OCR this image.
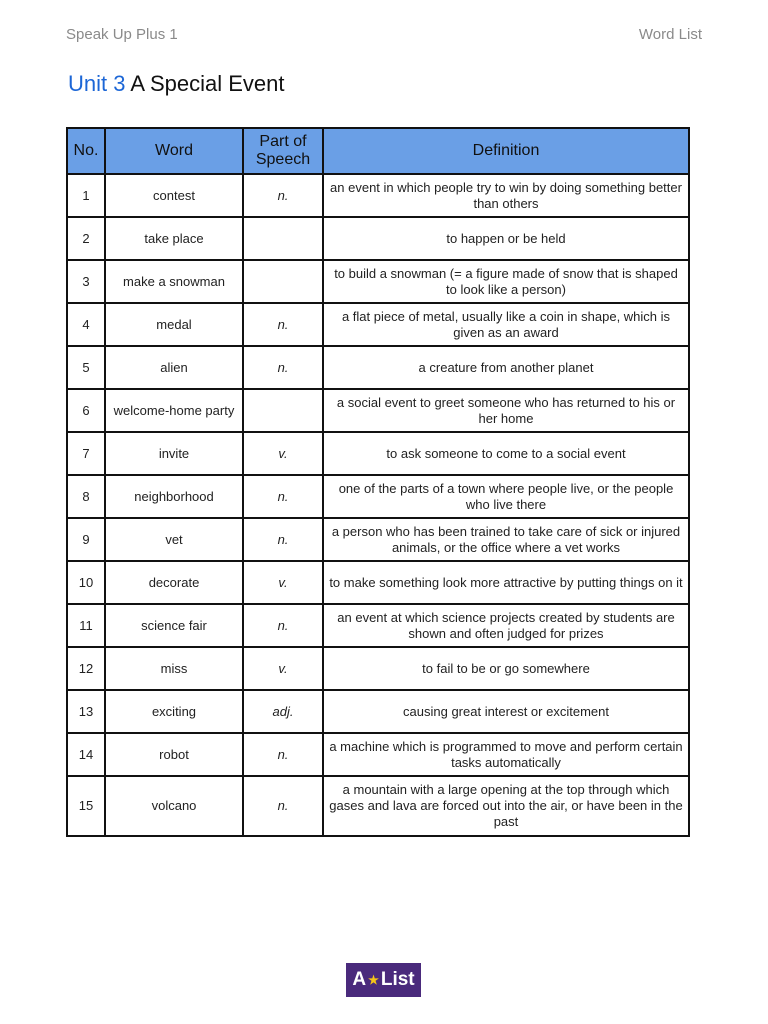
Speak Up Plus 1	Word List
Unit 3 A Special Event
No.	Word	Part of Speech	Definition
1	contest	n.	an event in which people try to win by doing something better than others
2	take place		to happen or be held
3	make a snowman		to build a snowman (= a figure made of snow that is shaped to look like a person)
4	medal	n.	a flat piece of metal, usually like a coin in shape, which is given as an award
5	alien	n.	a creature from another planet
6	welcome-home party		a social event to greet someone who has returned to his or her home
7	invite	v.	to ask someone to come to a social event
8	neighborhood	n.	one of the parts of a town where people live, or the people who live there
9	vet	n.	a person who has been trained to take care of sick or injured animals, or the office where a vet works
10	decorate	v.	to make something look more attractive by putting things on it
11	science fair	n.	an event at which science projects created by students are shown and often judged for prizes
12	miss	v.	to fail to be or go somewhere
13	exciting	adj.	causing great interest or excitement
14	robot	n.	a machine which is programmed to move and perform certain tasks automatically
15	volcano	n.	a mountain with a large opening at the top through which gases and lava are forced out into the air, or have been in the past
A ★ List
